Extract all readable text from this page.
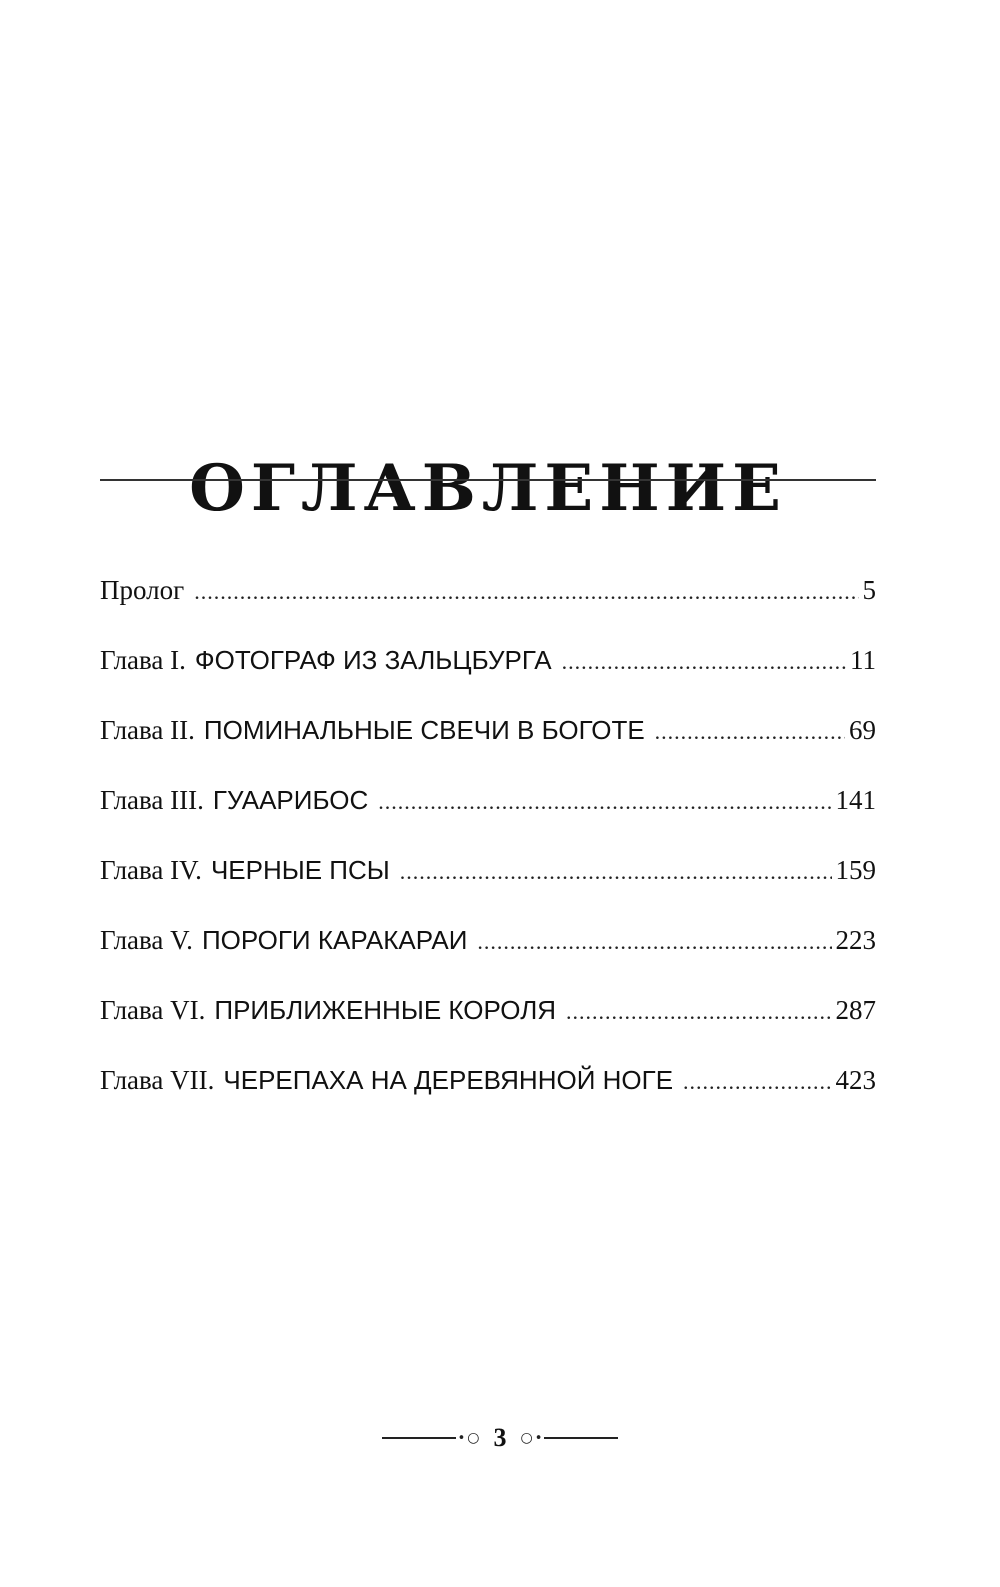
ОГЛАВЛЕНИЕ
Пролог .....	5
Глава I. ФОТОГРАФ ИЗ ЗАЛЬЦБУРГА .....	11
Глава II. ПОМИНАЛЬНЫЕ СВЕЧИ В БОГОТЕ .....	69
Глава III. ГУААРИБОС .....	141
Глава IV. ЧЕРНЫЕ ПСЫ .....	159
Глава V. ПОРОГИ КАРАКАРАИ .....	223
Глава VI. ПРИБЛИЖЕННЫЕ КОРОЛЯ .....	287
Глава VII. ЧЕРЕПАХА НА ДЕРЕВЯННОЙ НОГЕ .....	423
• ○ 3 ○ •
